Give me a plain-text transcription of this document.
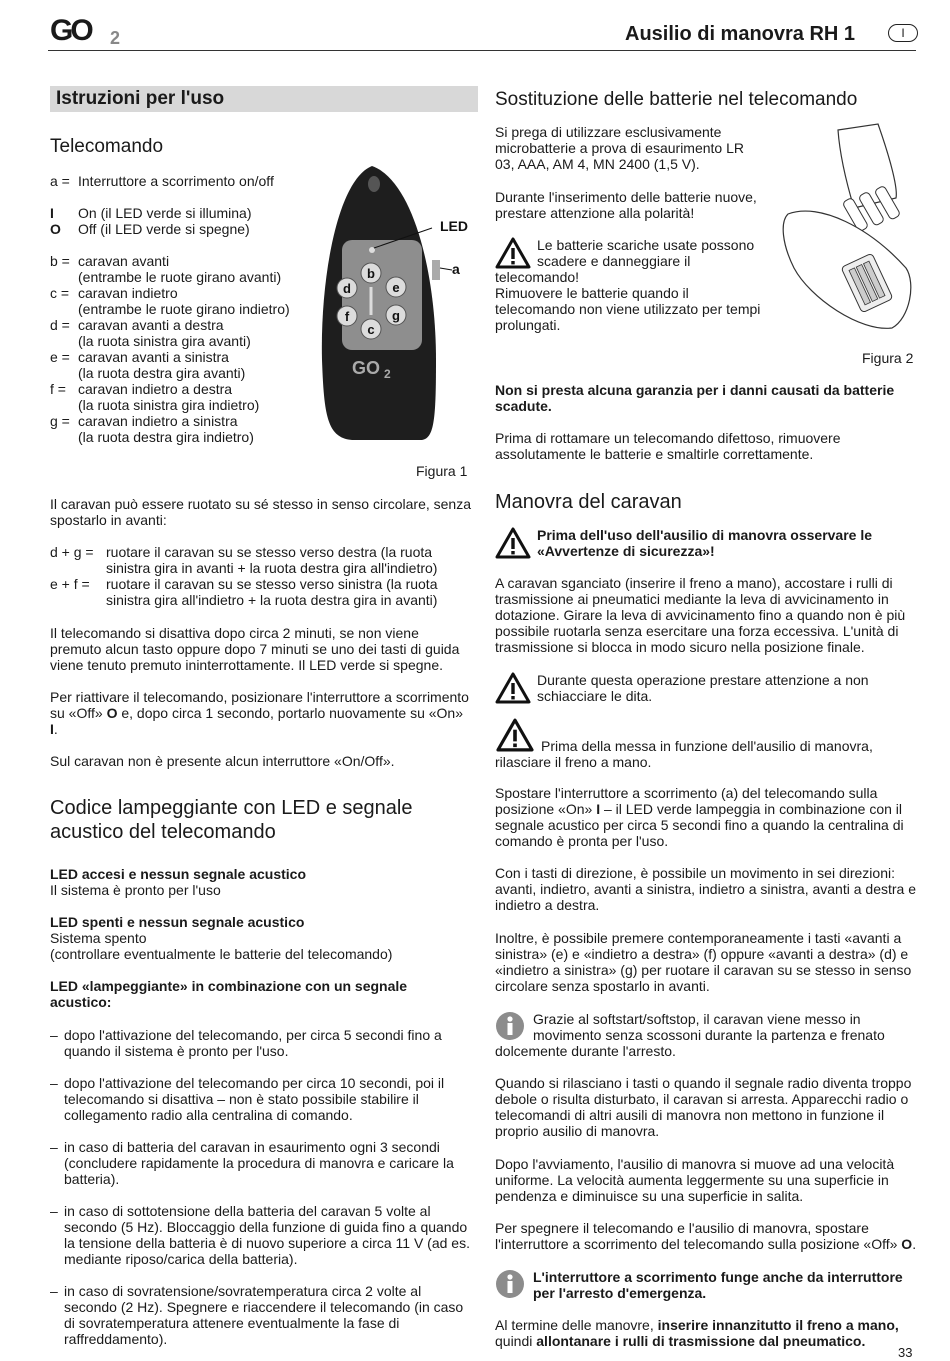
GO 2	Ausilio di manovra RH 1	I
Istruzioni per l'uso
Telecomando
a = Interruttore a scorrimento on/off
I	On (il LED verde si illumina)
O	Off (il LED verde si spegne)
b = caravan avanti
(entrambe le ruote girano avanti)
c = caravan indietro
(entrambe le ruote girano indietro)
d = caravan avanti a destra
(la ruota sinistra gira avanti)
e = caravan avanti a sinistra
(la ruota destra gira avanti)
f = caravan indietro a destra
(la ruota sinistra gira indietro)
g = caravan indietro a sinistra
(la ruota destra gira indietro)
b
d	e
f	g
c
GO 2
LED
a
Figura 1

Il caravan può essere ruotato su sé stesso in senso circolare, senza spostarlo in avanti:

d + g = ruotare il caravan su se stesso verso destra (la ruota sinistra gira in avanti + la ruota destra gira all'indietro)
e + f =	ruotare il caravan su se stesso verso sinistra (la ruota sinistra gira all'indietro + la ruota destra gira in avanti)

Il telecomando si disattiva dopo circa 2 minuti, se non viene premuto alcun tasto oppure dopo 7 minuti se uno dei tasti di guida viene tenuto premuto ininterrottamente. Il LED verde si spegne.

Per riattivare il telecomando, posizionare l'interruttore a scorrimento su «Off» O e, dopo circa 1 secondo, portarlo nuovamente su «On» I.

Sul caravan non è presente alcun interruttore «On/Off».

Codice lampeggiante con LED e segnale acustico del telecomando

LED accesi e nessun segnale acustico

Il sistema è pronto per l'uso

LED spenti e nessun segnale acustico

Sistema spento

(controllare eventualmente le batterie del telecomando)

LED «lampeggiante» in combinazione con un segnale acustico:

– dopo l'attivazione del telecomando, per circa 5 secondi fino a quando il sistema è pronto per l'uso.
– dopo l'attivazione del telecomando per circa 10 secondi, poi il telecomando si disattiva – non è stato possibile stabilire il collegamento radio alla centralina di comando.
– in caso di batteria del caravan in esaurimento ogni 3 secondi (concludere rapidamente la procedura di manovra e caricare la batteria).
– in caso di sottotensione della batteria del caravan 5 volte al secondo (5 Hz). Bloccaggio della funzione di guida fino a quando la tensione della batteria è di nuovo superiore a circa 11 V (ad es. mediante riposo/carica della batteria).
– in caso di sovratensione/sovratemperatura circa 2 volte al secondo (2 Hz). Spegnere e riaccendere il telecomando (in caso di sovratemperatura attenere eventualmente la fase di raffreddamento).
Sostituzione delle batterie nel telecomando

Si prega di utilizzare esclusivamente microbatterie a prova di esaurimento LR 03, AAA, AM 4, MN 2400 (1,5 V).

Durante l'inserimento delle batterie nuove, prestare attenzione alla polarità!

Le batterie scariche usate possono scadere e danneggiare il telecomando!

Rimuovere le batterie quando il telecomando non viene utilizzato per tempi prolungati.

Figura 2

Non si presta alcuna garanzia per i danni causati da batterie scadute.

Prima di rottamare un telecomando difettoso, rimuovere assolutamente le batterie e smaltirle correttamente.

Manovra del caravan

Prima dell'uso dell'ausilio di manovra osservare le «Avvertenze di sicurezza»!

A caravan sganciato (inserire il freno a mano), accostare i rulli di trasmissione ai pneumatici mediante la leva di avvicinamento in dotazione. Girare la leva di avvicinamento fino a quando non è più possibile ruotarla senza esercitare una forza eccessiva. L'unità di trasmissione si blocca in modo sicuro nella posizione finale.

Durante questa operazione prestare attenzione a non schiacciare le dita.

Prima della messa in funzione dell'ausilio di manovra, rilasciare il freno a mano.

Spostare l'interruttore a scorrimento (a) del telecomando sulla posizione «On» I – il LED verde lampeggia in combinazione con il segnale acustico per circa 5 secondi fino a quando la centralina di comando è pronta per l'uso.

Con i tasti di direzione, è possibile un movimento in sei direzioni: avanti, indietro, avanti a sinistra, indietro a sinistra, avanti a destra e indietro a destra.

Inoltre, è possibile premere contemporaneamente i tasti «avanti a sinistra» (e) e «indietro a destra» (f) oppure «avanti a destra» (d) e «indietro a sinistra» (g) per ruotare il caravan su se stesso in senso circolare senza spostarlo in avanti.

Grazie al softstart/softstop, il caravan viene messo in movimento senza scossoni durante la partenza e frenato dolcemente durante l'arresto.

Quando si rilasciano i tasti o quando il segnale radio diventa troppo debole o risulta disturbato, il caravan si arresta. Apparecchi radio o telecomandi di altri ausili di manovra non mettono in funzione il proprio ausilio di manovra.

Dopo l'avviamento, l'ausilio di manovra si muove ad una velocità uniforme. La velocità aumenta leggermente su una superficie in pendenza e diminuisce su una superficie in salita.

Per spegnere il telecomando e l'ausilio di manovra, spostare l'interruttore a scorrimento del telecomando sulla posizione «Off» O.

L'interruttore a scorrimento funge anche da interruttore per l'arresto d'emergenza.

Al termine delle manovre, inserire innanzitutto il freno a mano,
quindi allontanare i rulli di trasmissione dal pneumatico.

33
